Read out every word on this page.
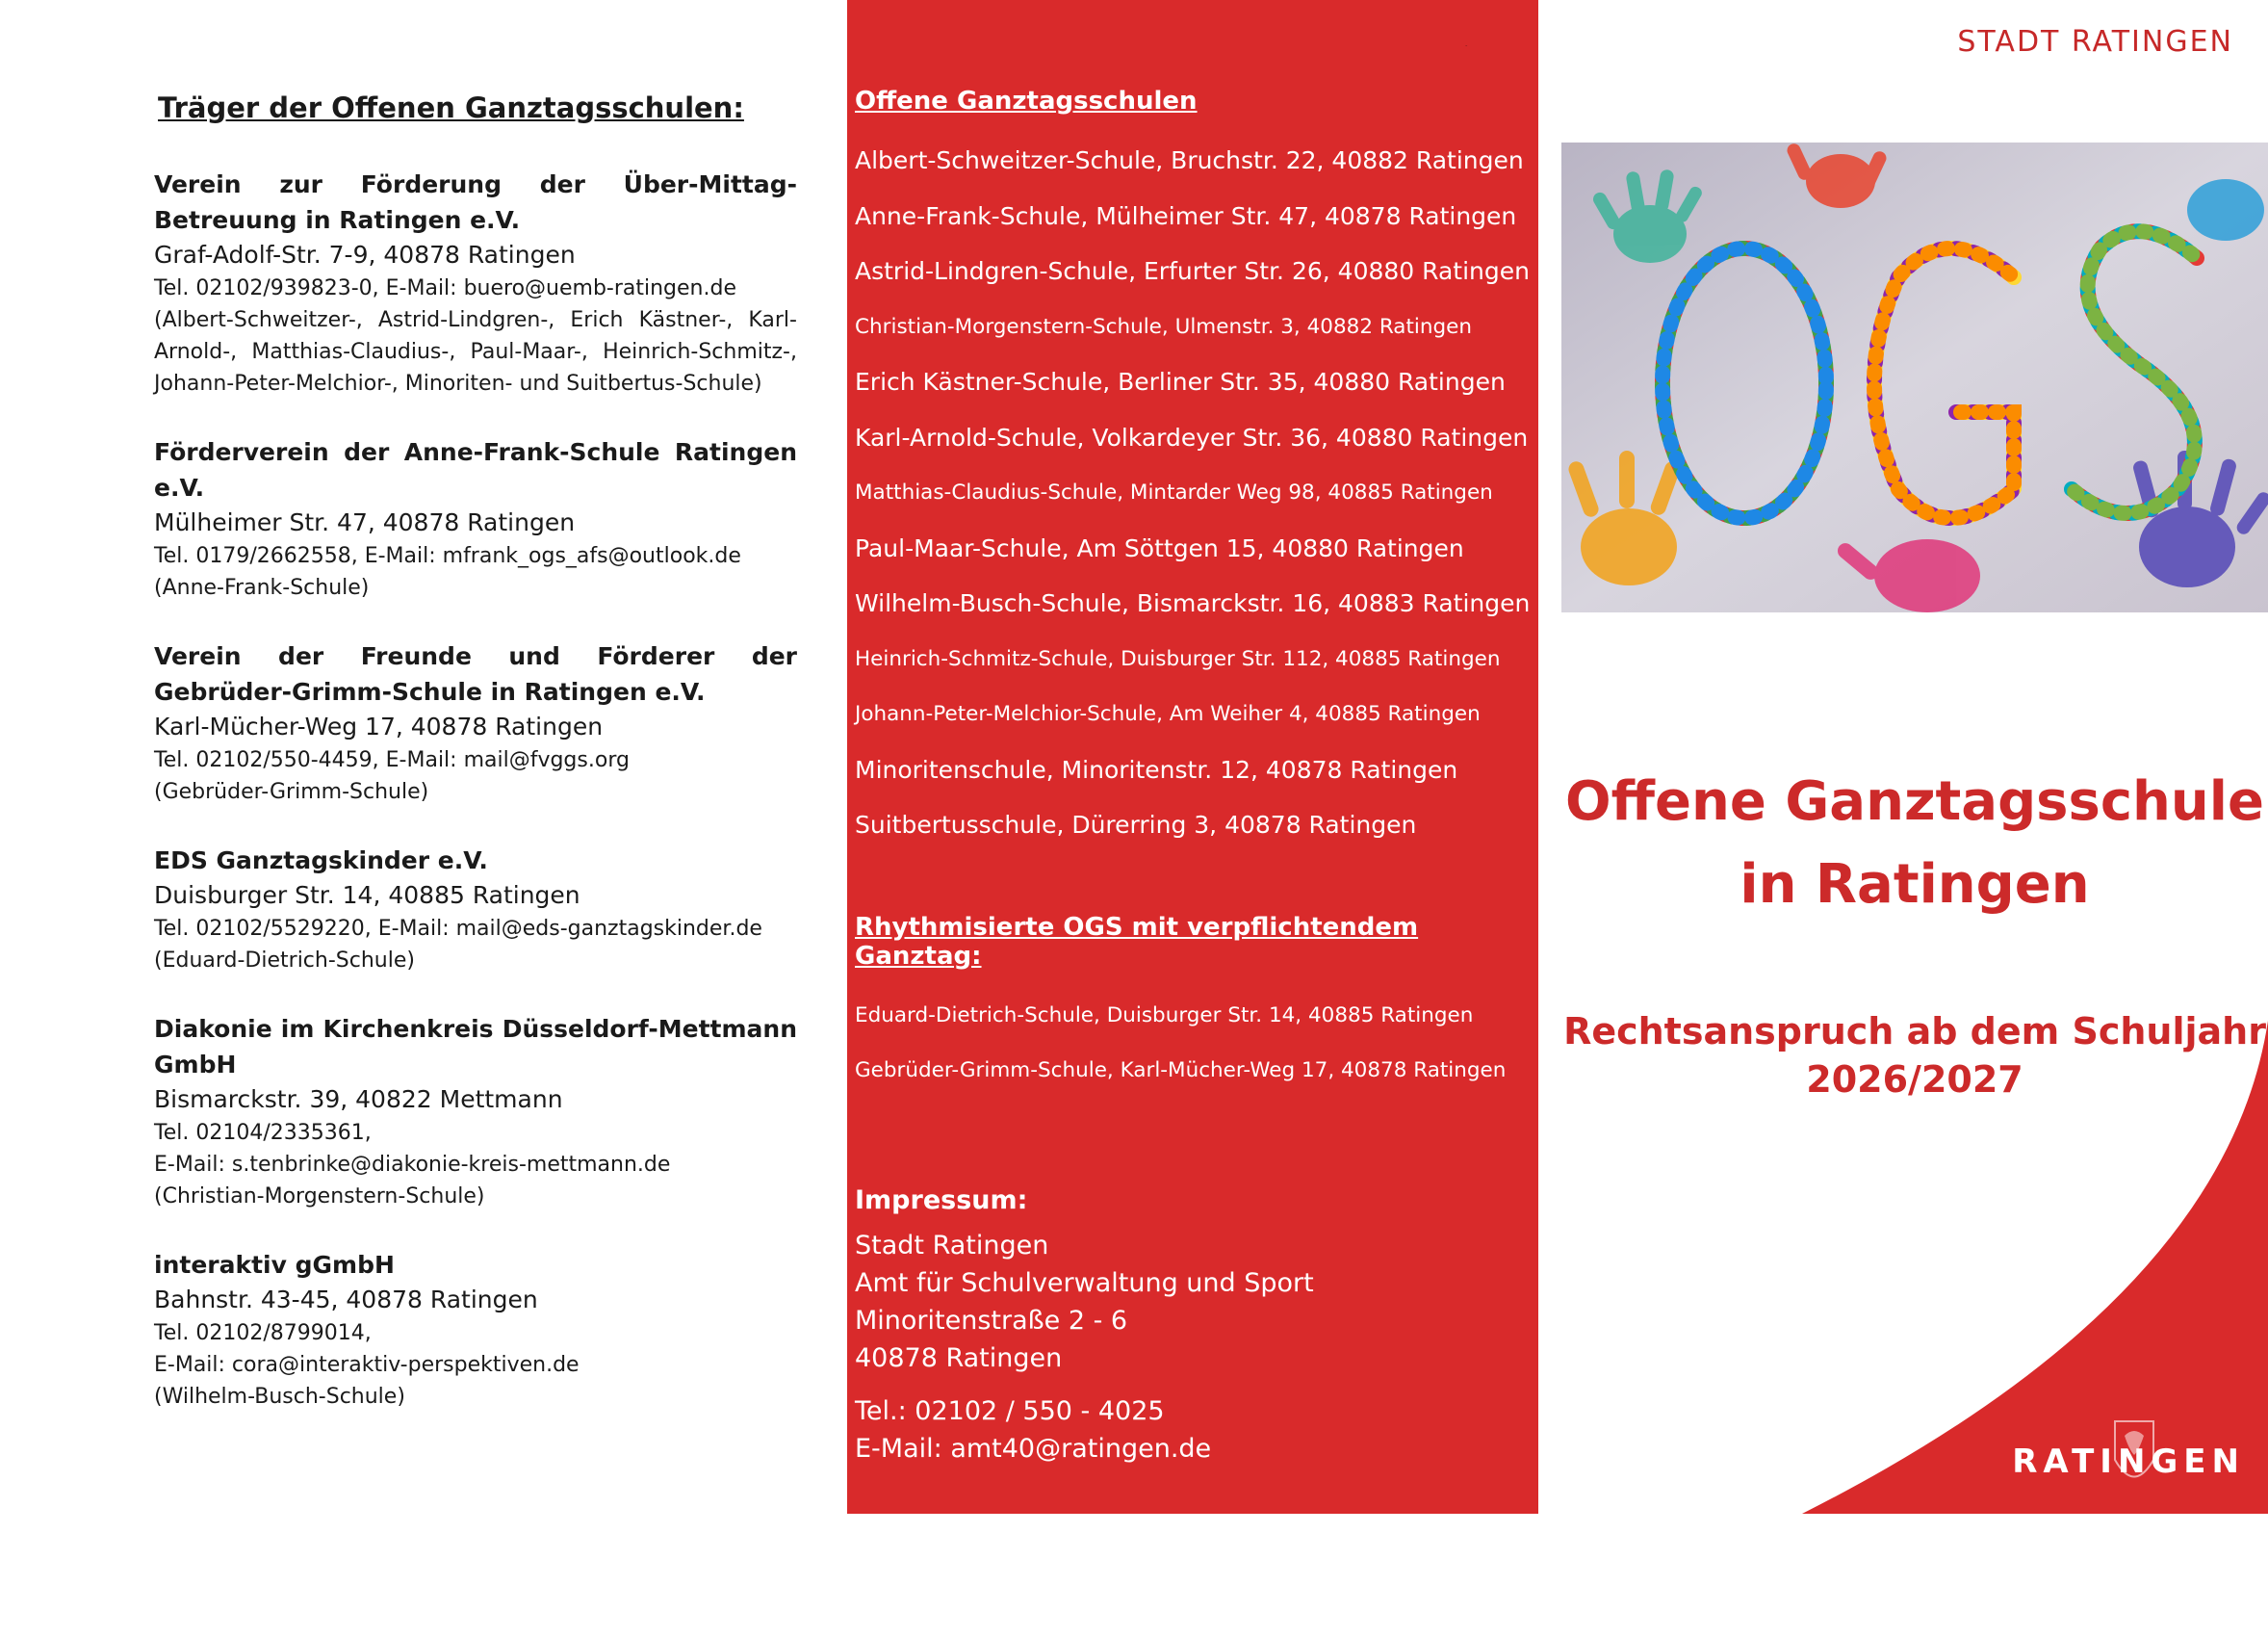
Träger der Offenen Ganztagsschulen:
Verein zur Förderung der Über-Mittag-Betreuung in Ratingen e.V.
Graf-Adolf-Str. 7-9, 40878 Ratingen
Tel. 02102/939823-0, E-Mail: buero@uemb-ratingen.de
(Albert-Schweitzer-, Astrid-Lindgren-, Erich Kästner-, Karl-Arnold-, Matthias-Claudius-, Paul-Maar-, Heinrich-Schmitz-, Johann-Peter-Melchior-, Minoriten- und Suitbertus-Schule)
Förderverein der Anne-Frank-Schule Ratingen e.V.
Mülheimer Str. 47, 40878 Ratingen
Tel. 0179/2662558, E-Mail: mfrank_ogs_afs@outlook.de
(Anne-Frank-Schule)
Verein der Freunde und Förderer der Gebrüder-Grimm-Schule in Ratingen e.V.
Karl-Mücher-Weg 17, 40878 Ratingen
Tel. 02102/550-4459, E-Mail: mail@fvggs.org
(Gebrüder-Grimm-Schule)
EDS Ganztagskinder e.V.
Duisburger Str. 14, 40885 Ratingen
Tel. 02102/5529220, E-Mail: mail@eds-ganztagskinder.de
(Eduard-Dietrich-Schule)
Diakonie im Kirchenkreis Düsseldorf-Mettmann GmbH
Bismarckstr. 39, 40822 Mettmann
Tel. 02104/2335361,
E-Mail: s.tenbrinke@diakonie-kreis-mettmann.de
(Christian-Morgenstern-Schule)
interaktiv gGmbH
Bahnstr. 43-45, 40878 Ratingen
Tel. 02102/8799014,
E-Mail: cora@interaktiv-perspektiven.de
(Wilhelm-Busch-Schule)
Offene Ganztagsschulen
Albert-Schweitzer-Schule, Bruchstr. 22, 40882 Ratingen
Anne-Frank-Schule, Mülheimer Str. 47, 40878 Ratingen
Astrid-Lindgren-Schule, Erfurter Str. 26, 40880 Ratingen
Christian-Morgenstern-Schule, Ulmenstr. 3, 40882 Ratingen
Erich Kästner-Schule, Berliner Str. 35, 40880 Ratingen
Karl-Arnold-Schule, Volkardeyer Str. 36, 40880 Ratingen
Matthias-Claudius-Schule, Mintarder Weg 98, 40885 Ratingen
Paul-Maar-Schule, Am Söttgen 15, 40880 Ratingen
Wilhelm-Busch-Schule, Bismarckstr. 16, 40883 Ratingen
Heinrich-Schmitz-Schule, Duisburger Str. 112, 40885 Ratingen
Johann-Peter-Melchior-Schule, Am Weiher 4, 40885 Ratingen
Minoritenschule, Minoritenstr. 12, 40878 Ratingen
Suitbertusschule, Dürerring 3, 40878 Ratingen
Rhythmisierte OGS mit verpflichtendem Ganztag:
Eduard-Dietrich-Schule, Duisburger Str. 14, 40885 Ratingen
Gebrüder-Grimm-Schule, Karl-Mücher-Weg 17, 40878 Ratingen
Impressum:
Stadt Ratingen
Amt für Schulverwaltung und Sport
Minoritenstraße 2 - 6
40878 Ratingen
Tel.: 02102 / 550 - 4025
E-Mail: amt40@ratingen.de
STADT RATINGEN
OGS
Offene Ganztagsschule
in Ratingen
Rechtsanspruch ab dem Schuljahr
2026/2027
RATINGEN
